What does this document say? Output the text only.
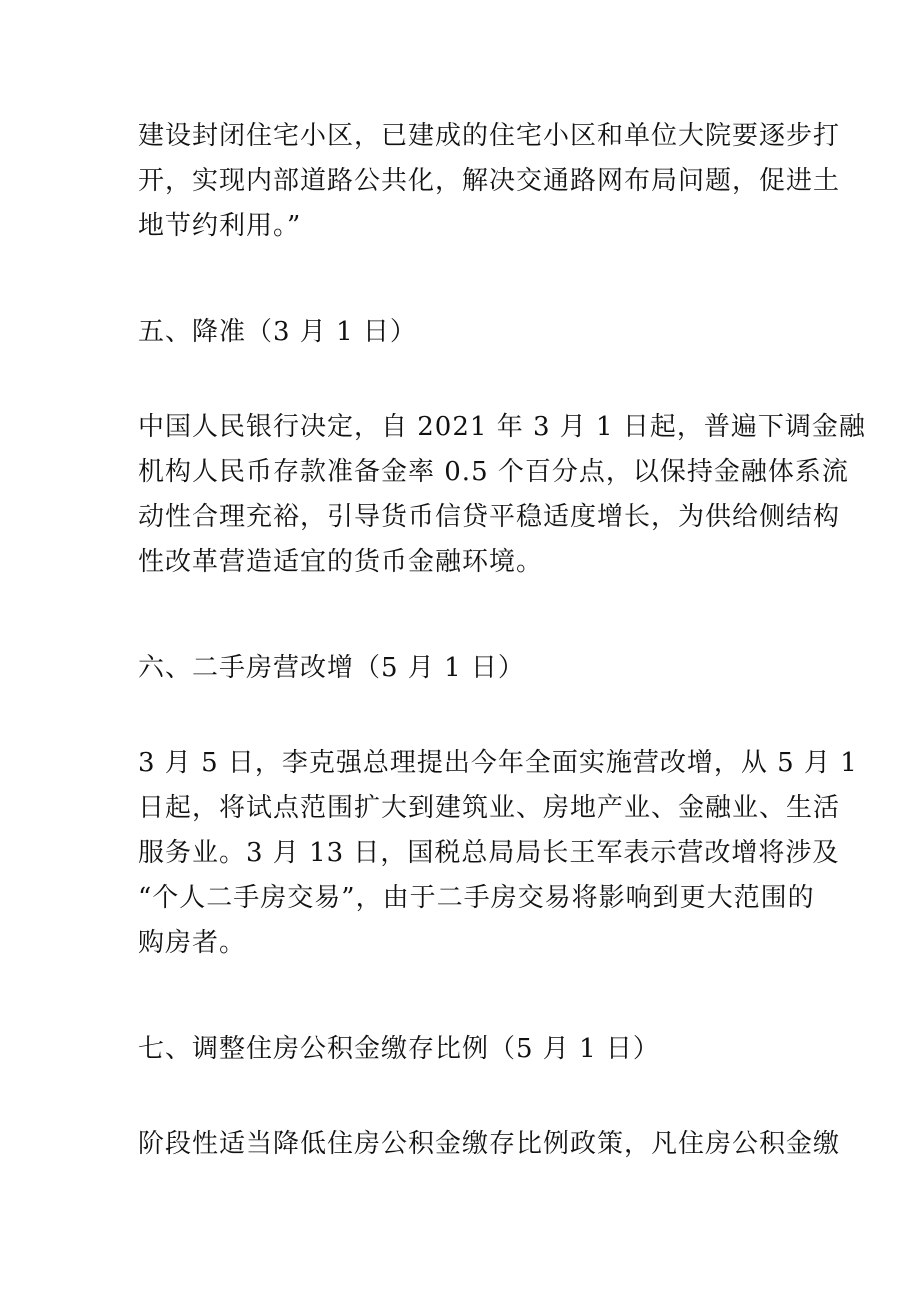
建设封闭住宅小区，已建成的住宅小区和单位大院要逐步打
开，实现内部道路公共化，解决交通路网布局问题，促进土
地节约利用。”
五、降准（3 月 1 日）
中国人民银行决定，自 2021 年 3 月 1 日起，普遍下调金融
机构人民币存款准备金率 0.5 个百分点，以保持金融体系流
动性合理充裕，引导货币信贷平稳适度增长，为供给侧结构
性改革营造适宜的货币金融环境。
六、二手房营改增（5 月 1 日）
3 月 5 日，李克强总理提出今年全面实施营改增，从 5 月 1
日起，将试点范围扩大到建筑业、房地产业、金融业、生活
服务业。3 月 13 日，国税总局局长王军表示营改增将涉及
“个人二手房交易”，由于二手房交易将影响到更大范围的
购房者。
七、调整住房公积金缴存比例（5 月 1 日）
阶段性适当降低住房公积金缴存比例政策，凡住房公积金缴
